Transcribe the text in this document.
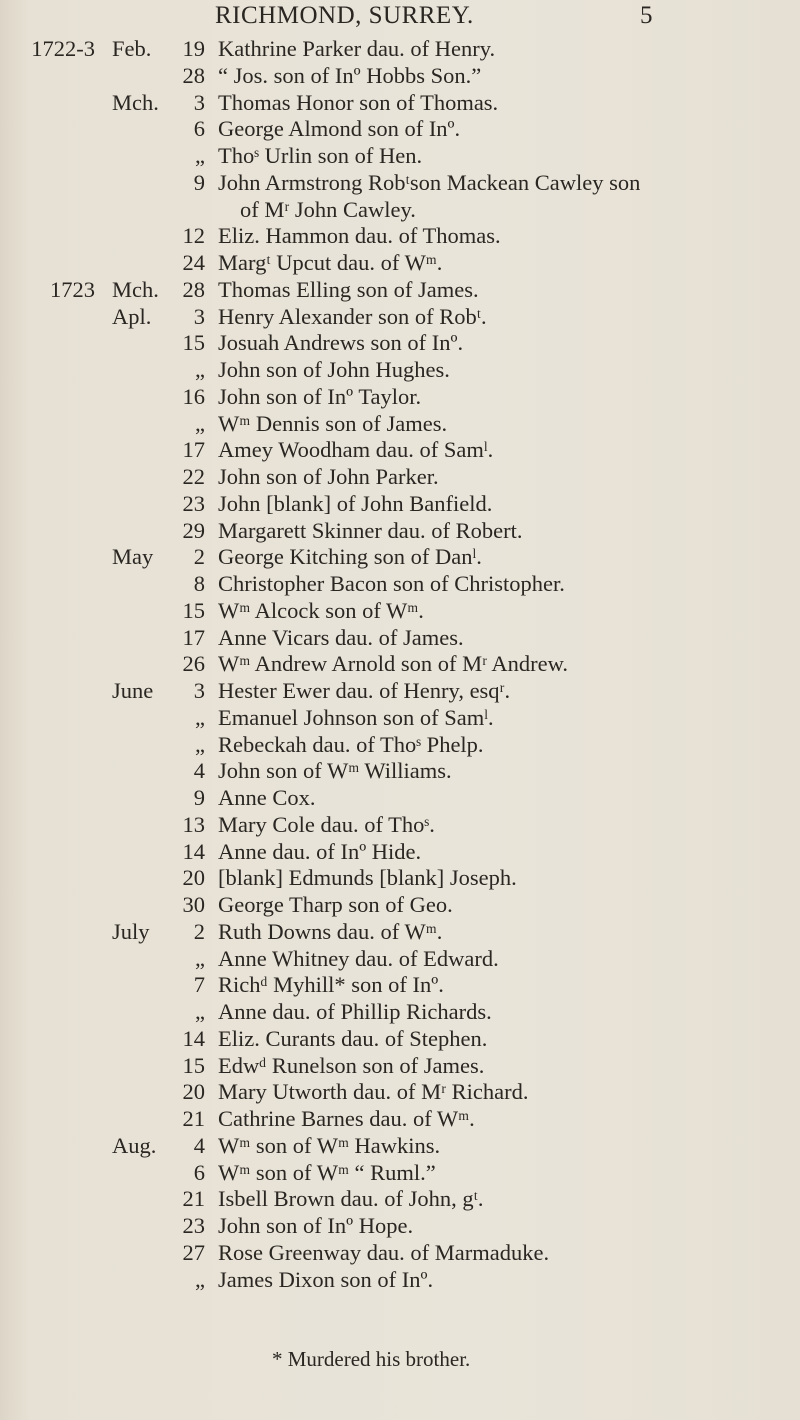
RICHMOND, SURREY.	5
1722-3 Feb. 19 Kathrine Parker dau. of Henry.
28 “ Jos. son of Inº Hobbs Son.”
Mch. 3 Thomas Honor son of Thomas.
6 George Almond son of Inº.
„ Thoˢ Urlin son of Hen.
9 John Armstrong Robᵗson Mackean Cawley son
of Mʳ John Cawley.
12 Eliz. Hammon dau. of Thomas.
24 Margᵗ Upcut dau. of Wᵐ.
1723 Mch. 28 Thomas Elling son of James.
Apl. 3 Henry Alexander son of Robᵗ.
15 Josuah Andrews son of Inº.
„ John son of John Hughes.
16 John son of Inº Taylor.
„ Wᵐ Dennis son of James.
17 Amey Woodham dau. of Samˡ.
22 John son of John Parker.
23 John [blank] of John Banfield.
29 Margarett Skinner dau. of Robert.
May 2 George Kitching son of Danˡ.
8 Christopher Bacon son of Christopher.
15 Wᵐ Alcock son of Wᵐ.
17 Anne Vicars dau. of James.
26 Wᵐ Andrew Arnold son of Mʳ Andrew.
June 3 Hester Ewer dau. of Henry, esqʳ.
„ Emanuel Johnson son of Samˡ.
„ Rebeckah dau. of Thoˢ Phelp.
4 John son of Wᵐ Williams.
9 Anne Cox.
13 Mary Cole dau. of Thoˢ.
14 Anne dau. of Inº Hide.
20 [blank] Edmunds [blank] Joseph.
30 George Tharp son of Geo.
July 2 Ruth Downs dau. of Wᵐ.
„ Anne Whitney dau. of Edward.
7 Richᵈ Myhill* son of Inº.
„ Anne dau. of Phillip Richards.
14 Eliz. Curants dau. of Stephen.
15 Edwᵈ Runelson son of James.
20 Mary Utworth dau. of Mʳ Richard.
21 Cathrine Barnes dau. of Wᵐ.
Aug. 4 Wᵐ son of Wᵐ Hawkins.
6 Wᵐ son of Wᵐ “ Ruml.”
21 Isbell Brown dau. of John, gᵗ.
23 John son of Inº Hope.
27 Rose Greenway dau. of Marmaduke.
„ James Dixon son of Inº.
* Murdered his brother.
